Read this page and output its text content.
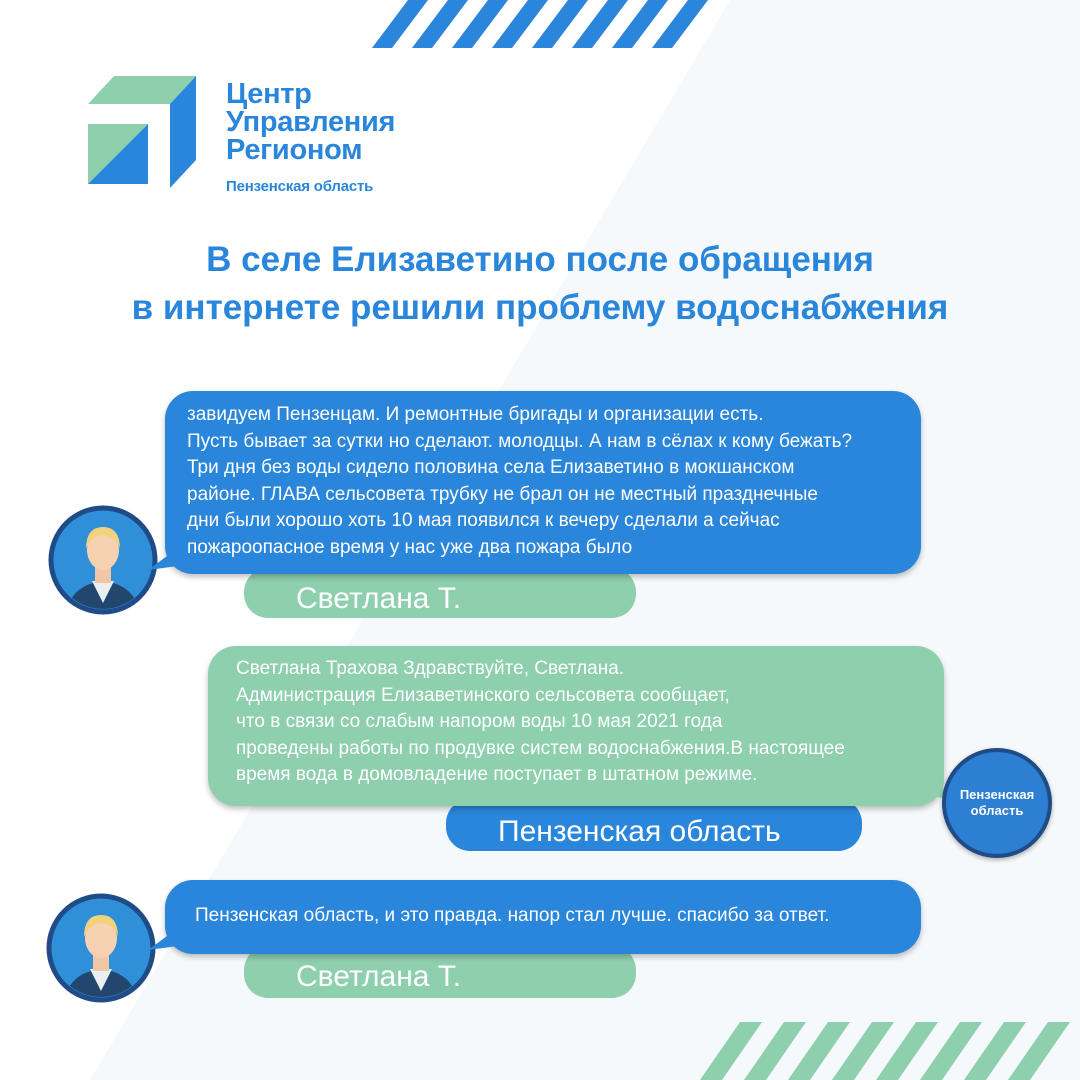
Центр
Управления
Регионом
Пензенская область
В селе Елизаветино после обращения
в интернете решили проблему водоснабжения
Светлана Т.
завидуем Пензенцам. И ремонтные бригады и организации есть.
Пусть бывает за сутки но сделают. молодцы. А нам в сёлах к кому бежать?
Три дня без воды сидело половина села Елизаветино в мокшанском
районе. ГЛАВА сельсовета трубку не брал он не местный празднечные
дни были хорошо хоть 10 мая появился к вечеру сделали а сейчас
пожароопасное время у нас уже два пожара было
Пензенская область
Светлана Трахова Здравствуйте, Светлана.
Администрация Елизаветинского сельсовета сообщает,
что в связи со слабым напором воды 10 мая 2021 года
проведены работы по продувке систем водоснабжения.В настоящее
время вода в домовладение поступает в штатном режиме.
Пензенская область
Светлана Т.
Пензенская область, и это правда. напор стал лучше. спасибо за ответ.
